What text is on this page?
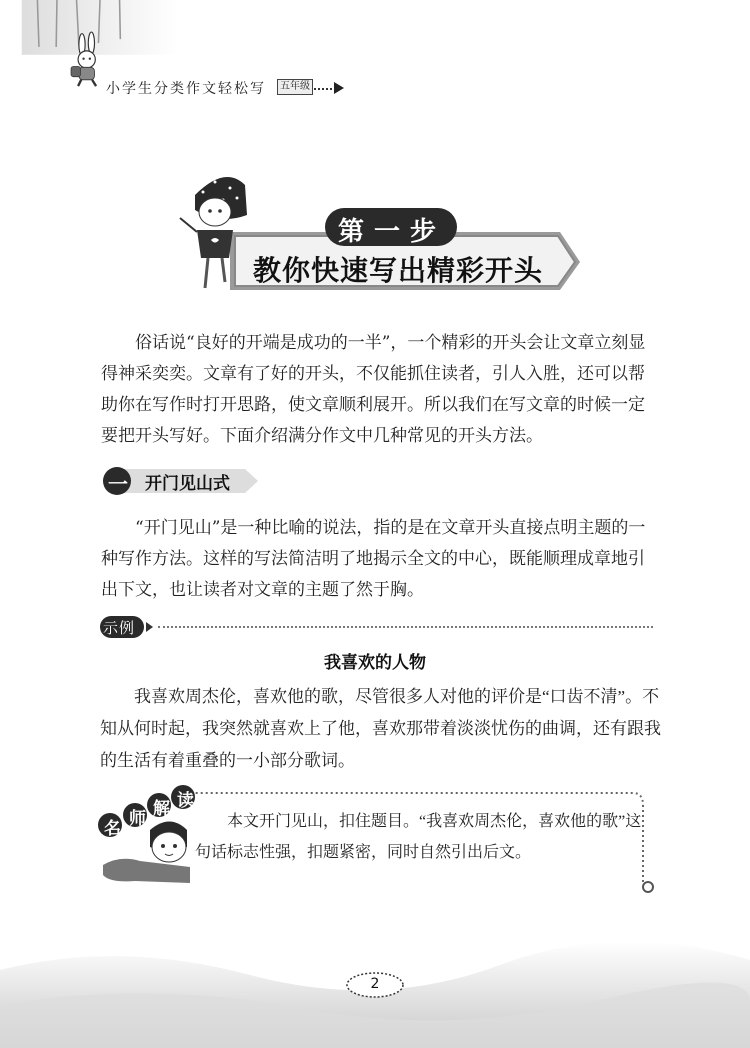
小学生分类作文轻松写	五年级
第一步
教你快速写出精彩开头

俗话说“良好的开端是成功的一半”，一个精彩的开头会让文章立刻显得神采奕奕。文章有了好的开头，不仅能抓住读者，引人入胜，还可以帮助你在写作时打开思路，使文章顺利展开。所以我们在写文章的时候一定要把开头写好。下面介绍满分作文中几种常见的开头方法。

一 开门见山式

“开门见山”是一种比喻的说法，指的是在文章开头直接点明主题的一种写作方法。这样的写法简洁明了地揭示全文的中心，既能顺理成章地引出下文，也让读者对文章的主题了然于胸。

示例
我喜欢的人物

我喜欢周杰伦，喜欢他的歌，尽管很多人对他的评价是“口齿不清”。不知从何时起，我突然就喜欢上了他，喜欢那带着淡淡忧伤的曲调，还有跟我的生活有着重叠的一小部分歌词。

名 师 解 读

本文开门见山，扣住题目。“我喜欢周杰伦，喜欢他的歌”这句话标志性强，扣题紧密，同时自然引出后文。

2
